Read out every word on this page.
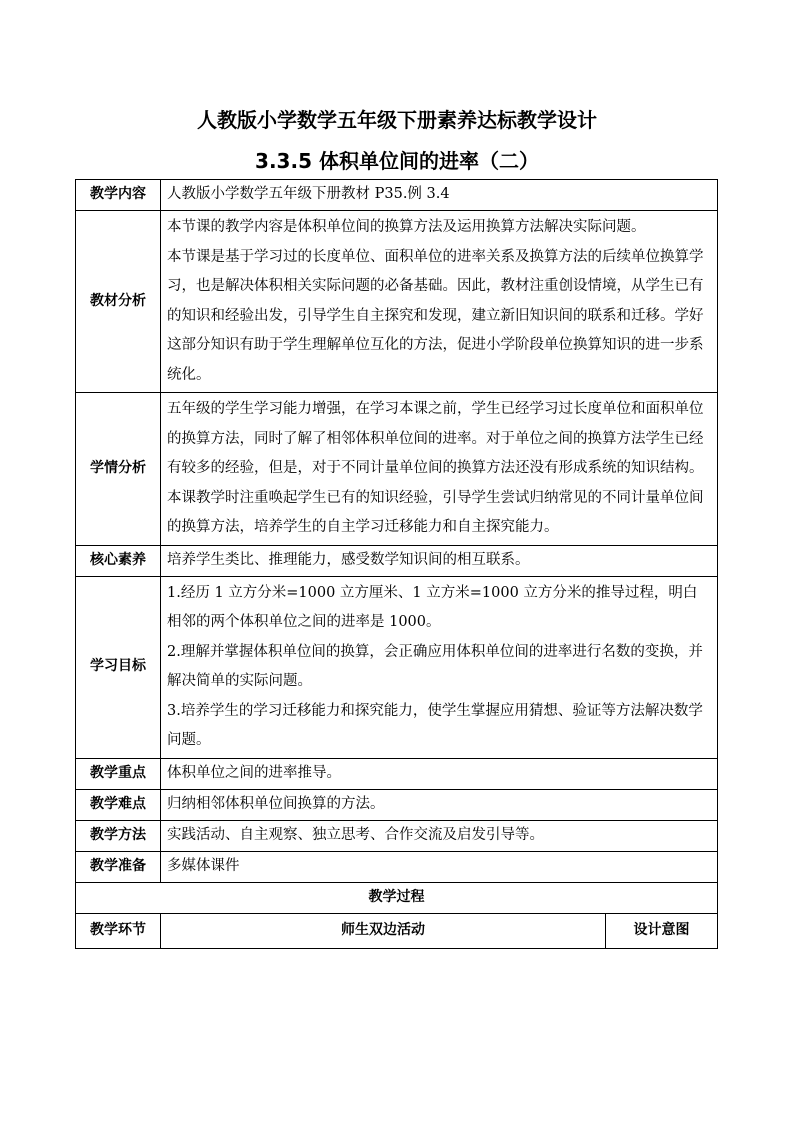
人教版小学数学五年级下册素养达标教学设计
3.3.5 体积单位间的进率（二）
教学内容	人教版小学数学五年级下册教材 P35.例 3.4	
教材分析	本节课的教学内容是体积单位间的换算方法及运用换算方法解决实际问题。

本节课是基于学习过的长度单位、面积单位的进率关系及换算方法的后续单位换算学习，也是解决体积相关实际问题的必备基础。因此，教材注重创设情境，从学生已有的知识和经验出发，引导学生自主探究和发现，建立新旧知识间的联系和迁移。学好这部分知识有助于学生理解单位互化的方法，促进小学阶段单位换算知识的进一步系统化。	

学情分析	五年级的学生学习能力增强，在学习本课之前，学生已经学习过长度单位和面积单位的换算方法，同时了解了相邻体积单位间的进率。对于单位之间的换算方法学生已经有较多的经验，但是，对于不同计量单位间的换算方法还没有形成系统的知识结构。本课教学时注重唤起学生已有的知识经验，引导学生尝试归纳常见的不同计量单位间的换算方法，培养学生的自主学习迁移能力和自主探究能力。	
核心素养	培养学生类比、推理能力，感受数学知识间的相互联系。	
学习目标	1.经历 1 立方分米=1000 立方厘米、1 立方米=1000 立方分米的推导过程，明白相邻的两个体积单位之间的进率是 1000。

2.理解并掌握体积单位间的换算，会正确应用体积单位间的进率进行名数的变换，并解决简单的实际问题。

3.培养学生的学习迁移能力和探究能力，使学生掌握应用猜想、验证等方法解决数学问题。	

教学重点	体积单位之间的进率推导。	
教学难点	归纳相邻体积单位间换算的方法。	
教学方法	实践活动、自主观察、独立思考、合作交流及启发引导等。	
教学准备	多媒体课件	
教学过程		
教学环节	师生双边活动	设计意图
